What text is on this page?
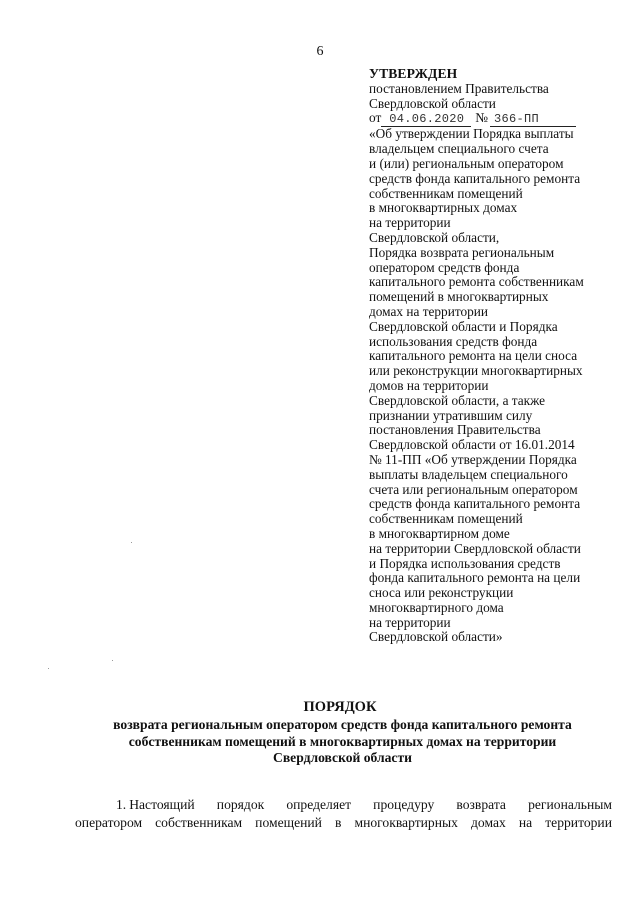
6
УТВЕРЖДЕН
постановлением Правительства
Свердловской области
от 04.06.2020 № 366-ПП
«Об утверждении Порядка выплаты
владельцем специального счета
и (или) региональным оператором
средств фонда капитального ремонта
собственникам помещений
в многоквартирных домах
на территории
Свердловской области,
Порядка возврата региональным
оператором средств фонда
капитального ремонта собственникам
помещений в многоквартирных
домах на территории
Свердловской области и Порядка
использования средств фонда
капитального ремонта на цели сноса
или реконструкции многоквартирных
домов на территории
Свердловской области, а также
признании утратившим силу
постановления Правительства
Свердловской области от 16.01.2014
№ 11-ПП «Об утверждении Порядка
выплаты владельцем специального
счета или региональным оператором
средств фонда капитального ремонта
собственникам помещений
в многоквартирном доме
на территории Свердловской области
и Порядка использования средств
фонда капитального ремонта на цели
сноса или реконструкции
многоквартирного дома
на территории
Свердловской области»
ПОРЯДОК
возврата региональным оператором средств фонда капитального ремонта
собственникам помещений в многоквартирных домах на территории
Свердловской области
1. Настоящий порядок определяет процедуру возврата региональным
оператором собственникам помещений в многоквартирных домах на территории
